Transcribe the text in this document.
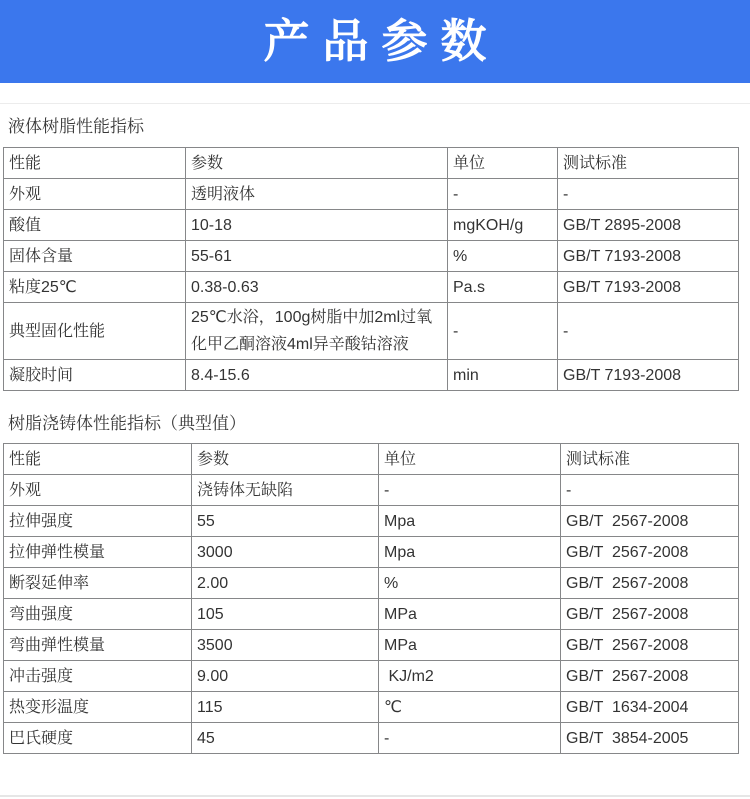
产品参数
液体树脂性能指标
性能	参数	单位	测试标准
外观	透明液体	-	-
酸值	10-18	mgKOH/g	GB/T 2895-2008
固体含量	55-61	%	GB/T 7193-2008
粘度25℃	0.38-0.63	Pa.s	GB/T 7193-2008
典型固化性能	25℃水浴，100g树脂中加2ml过氧化甲乙酮溶液4ml异辛酸钴溶液	-	-
凝胶时间	8.4-15.6	min	GB/T 7193-2008
树脂浇铸体性能指标（典型值）
性能	参数	单位	测试标准
外观	浇铸体无缺陷	-	-
拉伸强度	55	Mpa	GB/T  2567-2008
拉伸弹性模量	3000	Mpa	GB/T  2567-2008
断裂延伸率	2.00	%	GB/T  2567-2008
弯曲强度	105	MPa	GB/T  2567-2008
弯曲弹性模量	3500	MPa	GB/T  2567-2008
冲击强度	9.00	KJ/m2	GB/T  2567-2008
热变形温度	115	℃	GB/T  1634-2004
巴氏硬度	45	-	GB/T  3854-2005
